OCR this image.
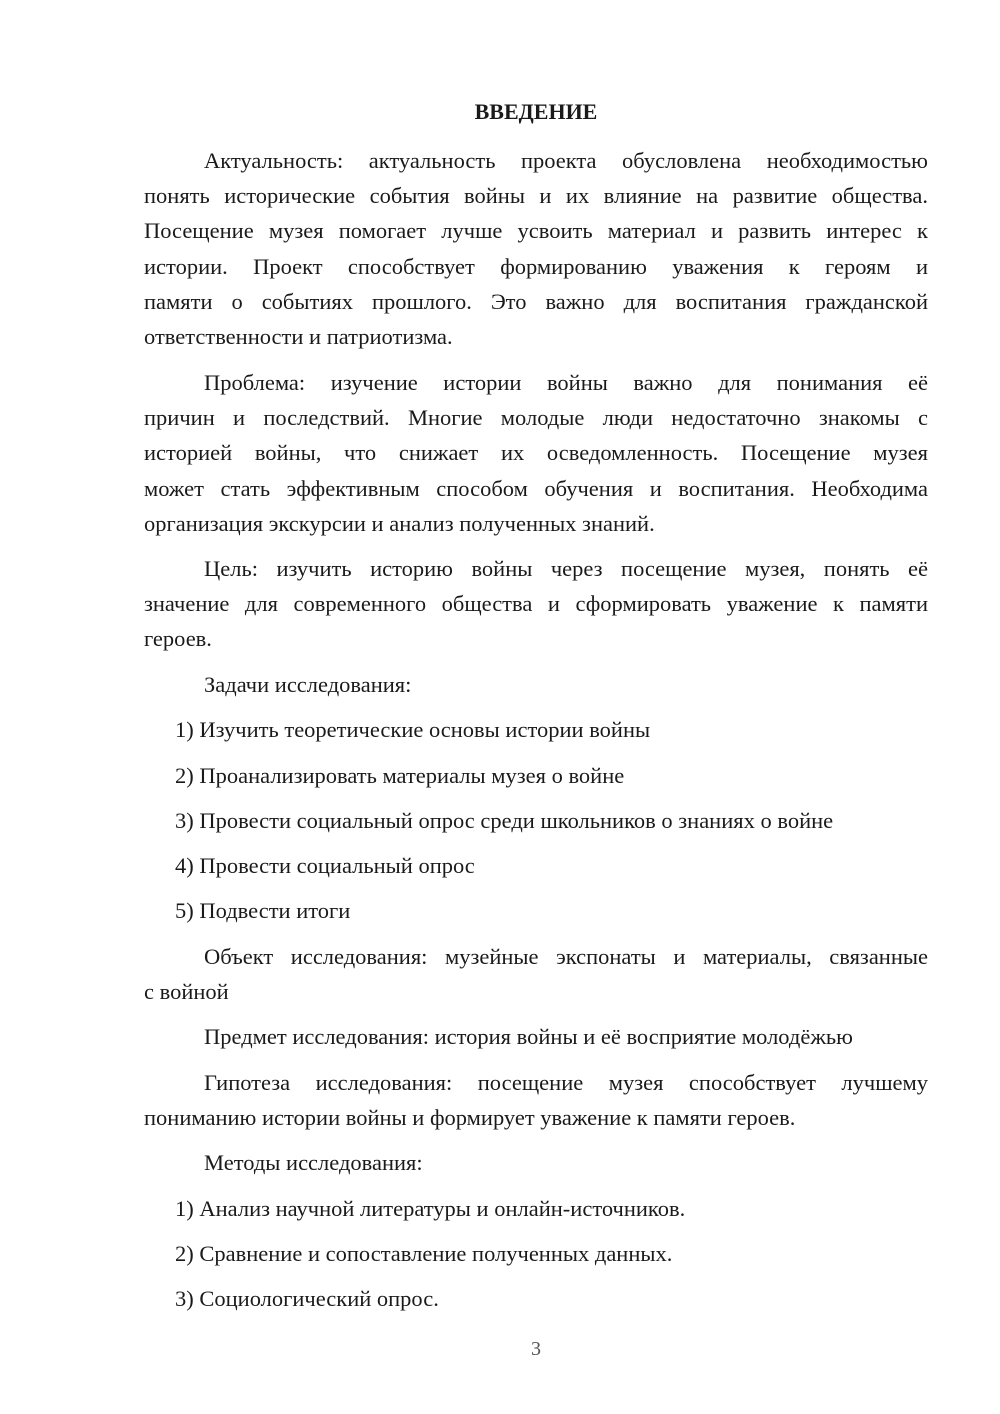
ВВЕДЕНИЕ
Актуальность: актуальность проекта обусловлена необходимостью
понять исторические события войны и их влияние на развитие общества.
Посещение музея помогает лучше усвоить материал и развить интерес к
истории. Проект способствует формированию уважения к героям и
памяти о событиях прошлого. Это важно для воспитания гражданской
ответственности и патриотизма.
Проблема: изучение истории войны важно для понимания её
причин и последствий. Многие молодые люди недостаточно знакомы с
историей войны, что снижает их осведомленность. Посещение музея
может стать эффективным способом обучения и воспитания. Необходима
организация экскурсии и анализ полученных знаний.
Цель: изучить историю войны через посещение музея, понять её
значение для современного общества и сформировать уважение к памяти
героев.
Задачи исследования:
1) Изучить теоретические основы истории войны
2) Проанализировать материалы музея о войне
3) Провести социальный опрос среди школьников о знаниях о войне
4) Провести социальный опрос
5) Подвести итоги
Объект исследования: музейные экспонаты и материалы, связанные
с войной
Предмет исследования: история войны и её восприятие молодёжью
Гипотеза исследования: посещение музея способствует лучшему
пониманию истории войны и формирует уважение к памяти героев.
Методы исследования:
1) Анализ научной литературы и онлайн-источников.
2) Сравнение и сопоставление полученных данных.
3) Социологический опрос.
3
